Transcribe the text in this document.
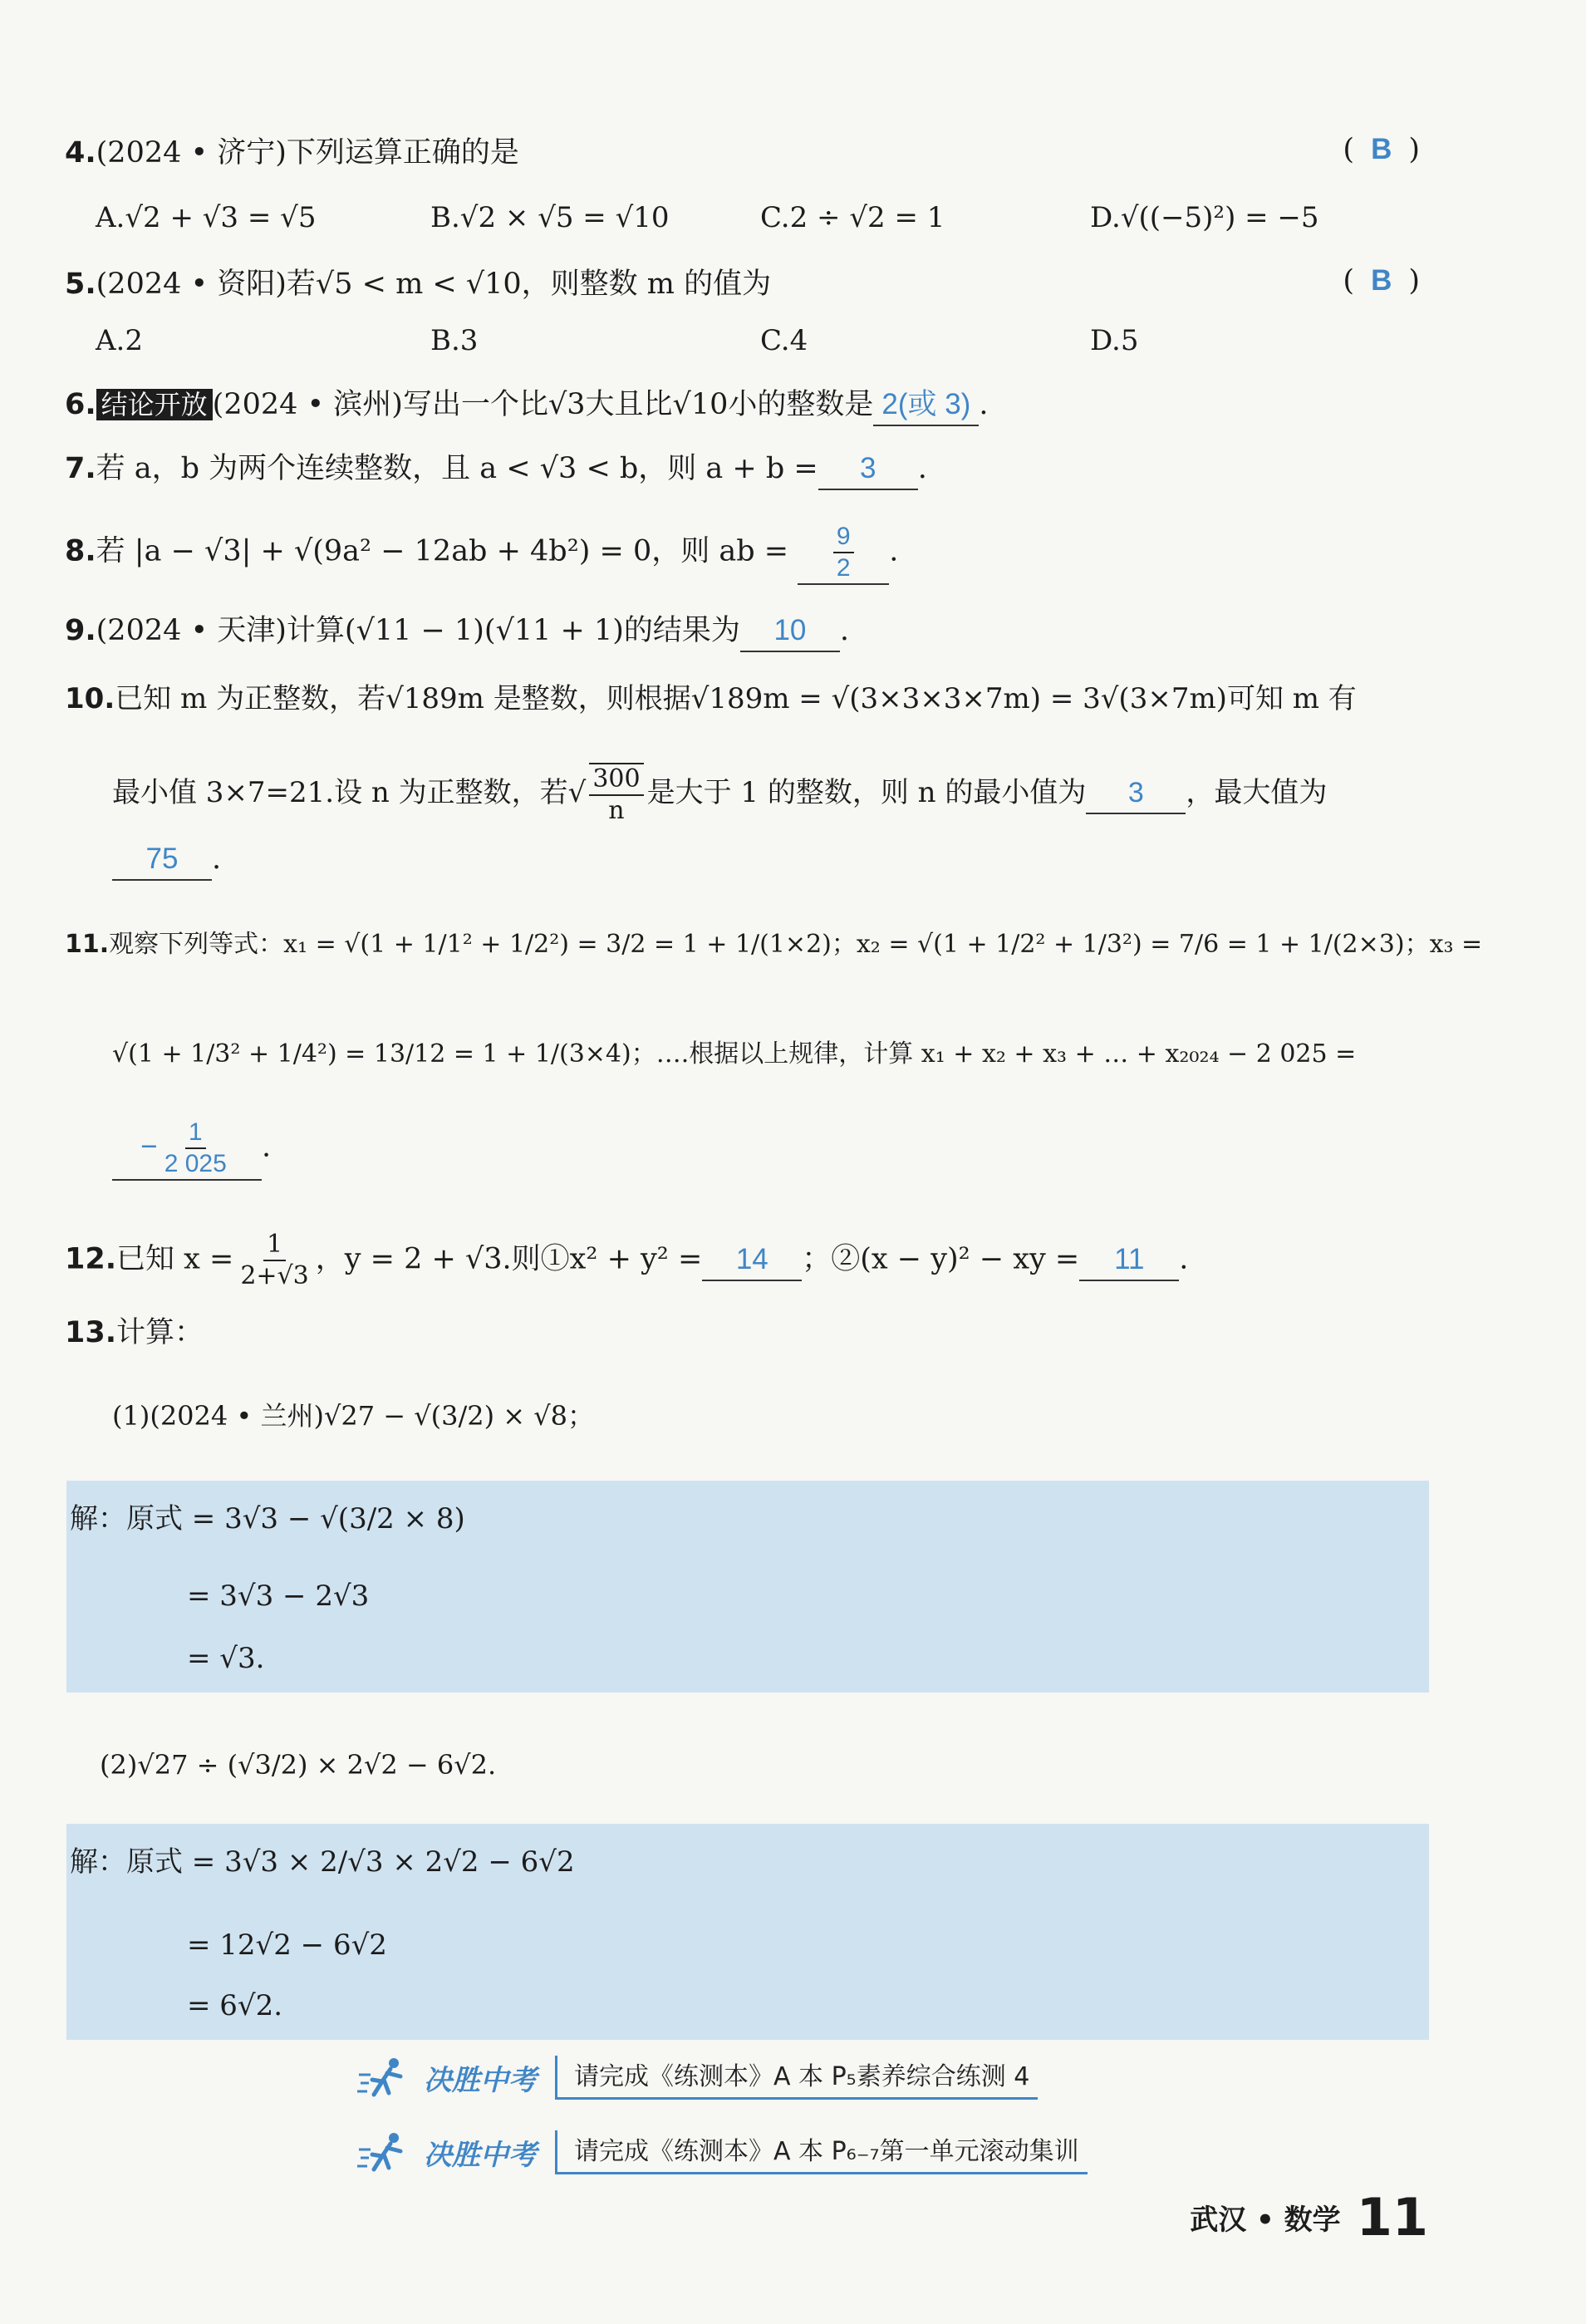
4.(2024 • 济宁)下列运算正确的是	( B )
A.√2 + √3 = √5	B.√2 × √5 = √10	C.2 ÷ √2 = 1	D.√((−5)²) = −5
5.(2024 • 资阳)若√5 < m < √10，则整数 m 的值为	( B )
A.2	B.3	C.4	D.5
6. 结论开放 (2024 • 滨州)写出一个比√3大且比√10小的整数是 2(或 3) .
7.若 a，b 为两个连续整数，且 a < √3 < b，则 a + b = 3 .
8.若 |a − √3| + √(9a² − 12ab + 4b²) = 0，则 ab = $\frac{9}{2}$ .
9.(2024 • 天津)计算(√11 − 1)(√11 + 1)的结果为 10 .
10.已知 m 为正整数，若√189m 是整数，则根据√189m = √(3×3×3×7m) = 3√(3×7m)可知 m 有
最小值 3×7=21.设 n 为正整数，若√ $\frac{300}{n}$ 是大于 1 的整数，则 n 的最小值为 3 ，最大值为
75 .
11.观察下列等式：x₁ = √(1 + 1/1² + 1/2²) = 3/2 = 1 + 1/(1×2)；x₂ = √(1 + 1/2² + 1/3²) = 7/6 = 1 + 1/(2×3)；x₃ =
√(1 + 1/3² + 1/4²) = 13/12 = 1 + 1/(3×4)；….根据以上规律，计算 x₁ + x₂ + x₃ + … + x₂₀₂₄ − 2 025 =
− $\frac{1}{2 025}$ .
12.已知 $x = \frac{1}{2+√3}$ ，y = 2 + √3.则①x² + y² = 14 ；②(x − y)² − xy = 11 .
13.计算：
(1)(2024 • 兰州)√27 − √(3/2) × √8；
解：原式 = 3√3 − √(3/2 × 8)
= 3√3 − 2√3
= √3.
(2)√27 ÷ (√3/2) × 2√2 − 6√2.
解：原式 = 3√3 × 2/√3 × 2√2 − 6√2
= 12√2 − 6√2
= 6√2.
决胜中考	请完成《练测本》A 本 P₅素养综合练测 4
决胜中考	请完成《练测本》A 本 P₆₋₇第一单元滚动集训
武汉 • 数学 11
